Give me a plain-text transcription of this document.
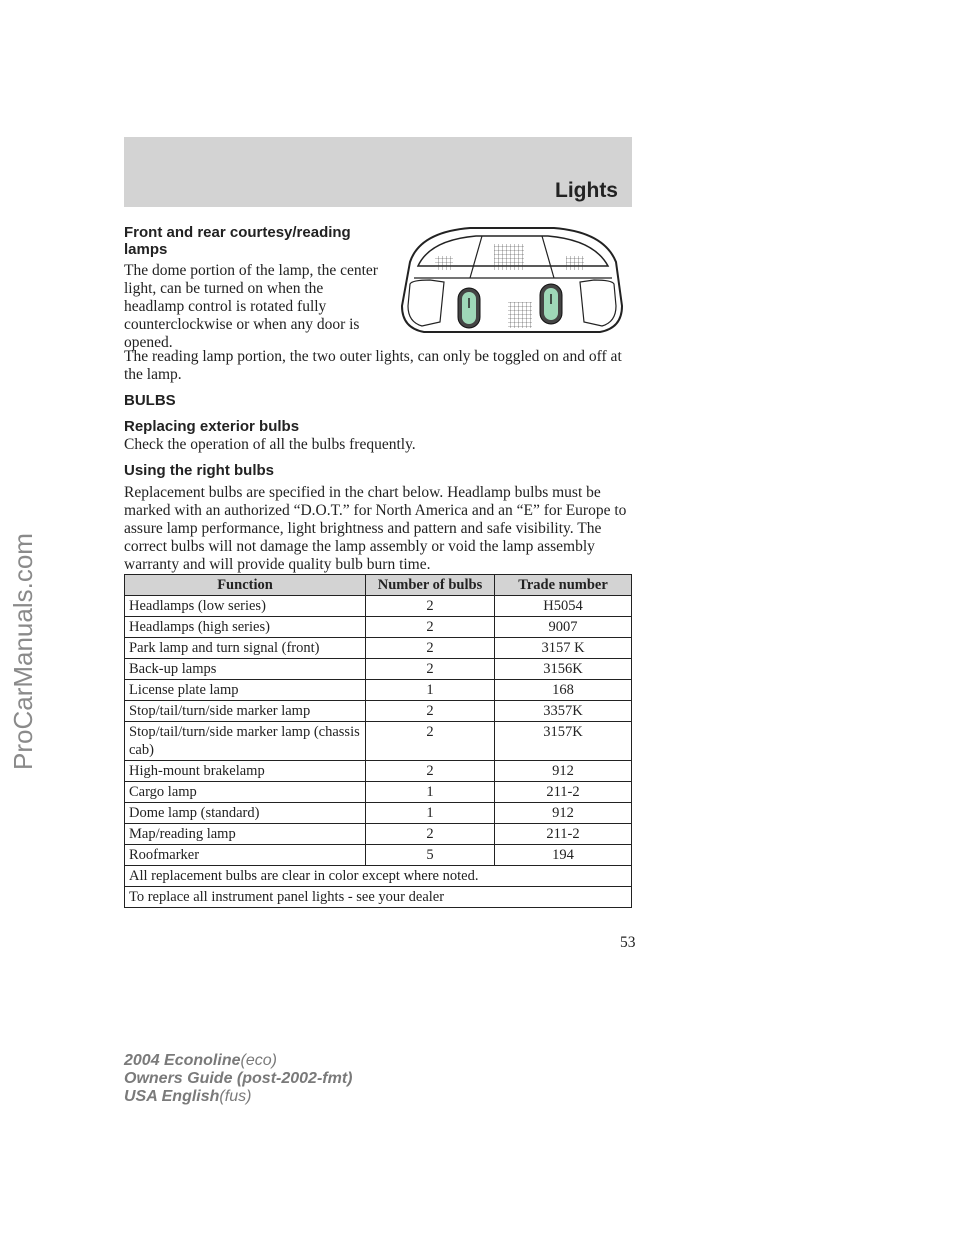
Lights
ProCarManuals.com
Front and rear courtesy/reading lamps
The dome portion of the lamp, the center light, can be turned on when the headlamp control is rotated fully counterclockwise or when any door is opened.
The reading lamp portion, the two outer lights, can only be toggled on and off at the lamp.
BULBS
Replacing exterior bulbs
Check the operation of all the bulbs frequently.
Using the right bulbs
Replacement bulbs are specified in the chart below. Headlamp bulbs must be marked with an authorized “D.O.T.” for North America and an “E” for Europe to assure lamp performance, light brightness and pattern and safe visibility. The correct bulbs will not damage the lamp assembly or void the lamp assembly warranty and will provide quality bulb burn time.
Function	Number of bulbs	Trade number
Headlamps (low series)	2	H5054
Headlamps (high series)	2	9007
Park lamp and turn signal (front)	2	3157 K
Back-up lamps	2	3156K
License plate lamp	1	168
Stop/tail/turn/side marker lamp	2	3357K
Stop/tail/turn/side marker lamp (chassis cab)	2	3157K
High-mount brakelamp	2	912
Cargo lamp	1	211-2
Dome lamp (standard)	1	912
Map/reading lamp	2	211-2
Roofmarker	5	194
All replacement bulbs are clear in color except where noted.		
To replace all instrument panel lights - see your dealer		
53
2004 Econoline(eco)
Owners Guide (post-2002-fmt)
USA English(fus)
